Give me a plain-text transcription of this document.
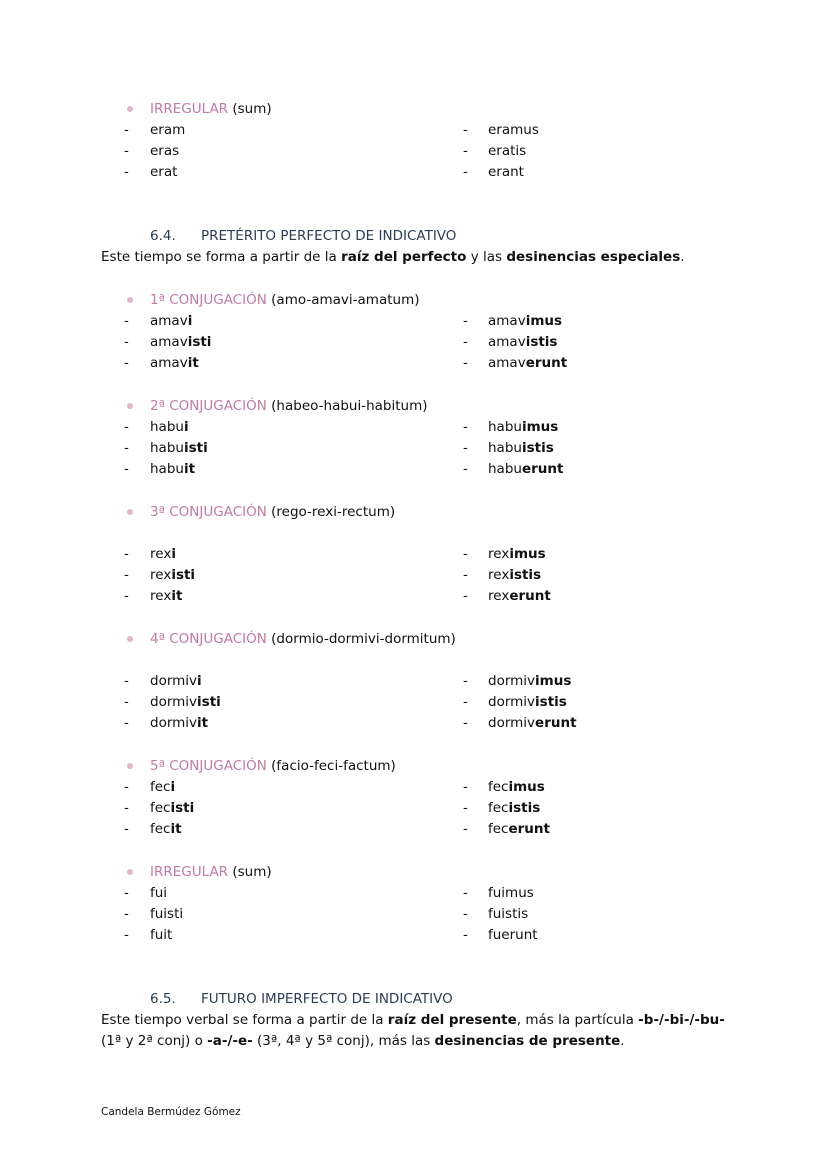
IRREGULAR (sum)
- eram	- eramus
- eras	- eratis
- erat	- erant
6.4. PRETÉRITO PERFECTO DE INDICATIVO
Este tiempo se forma a partir de la raíz del perfecto y las desinencias especiales.
1ª CONJUGACIÓN (amo-amavi-amatum)
- amavi	- amavimus
- amavisti	- amavistis
- amavit	- amaverunt
2ª CONJUGACIÓN (habeo-habui-habitum)
- habui	- habuimus
- habuisti	- habuistis
- habuit	- habuerunt
3ª CONJUGACIÓN (rego-rexi-rectum)
- rexi	- reximus
- rexisti	- rexistis
- rexit	- rexerunt
4ª CONJUGACIÓN (dormio-dormivi-dormitum)
- dormivi	- dormivimus
- dormivisti	- dormivistis
- dormivit	- dormiverunt
5ª CONJUGACIÓN (facio-feci-factum)
- feci	- fecimus
- fecisti	- fecistis
- fecit	- fecerunt
IRREGULAR (sum)
- fui	- fuimus
- fuisti	- fuistis
- fuit	- fuerunt
6.5. FUTURO IMPERFECTO DE INDICATIVO
Este tiempo verbal se forma a partir de la raíz del presente, más la partícula -b-/-bi-/-bu-
(1ª y 2ª conj) o -a-/-e- (3ª, 4ª y 5ª conj), más las desinencias de presente.
Candela Bermúdez Gómez
